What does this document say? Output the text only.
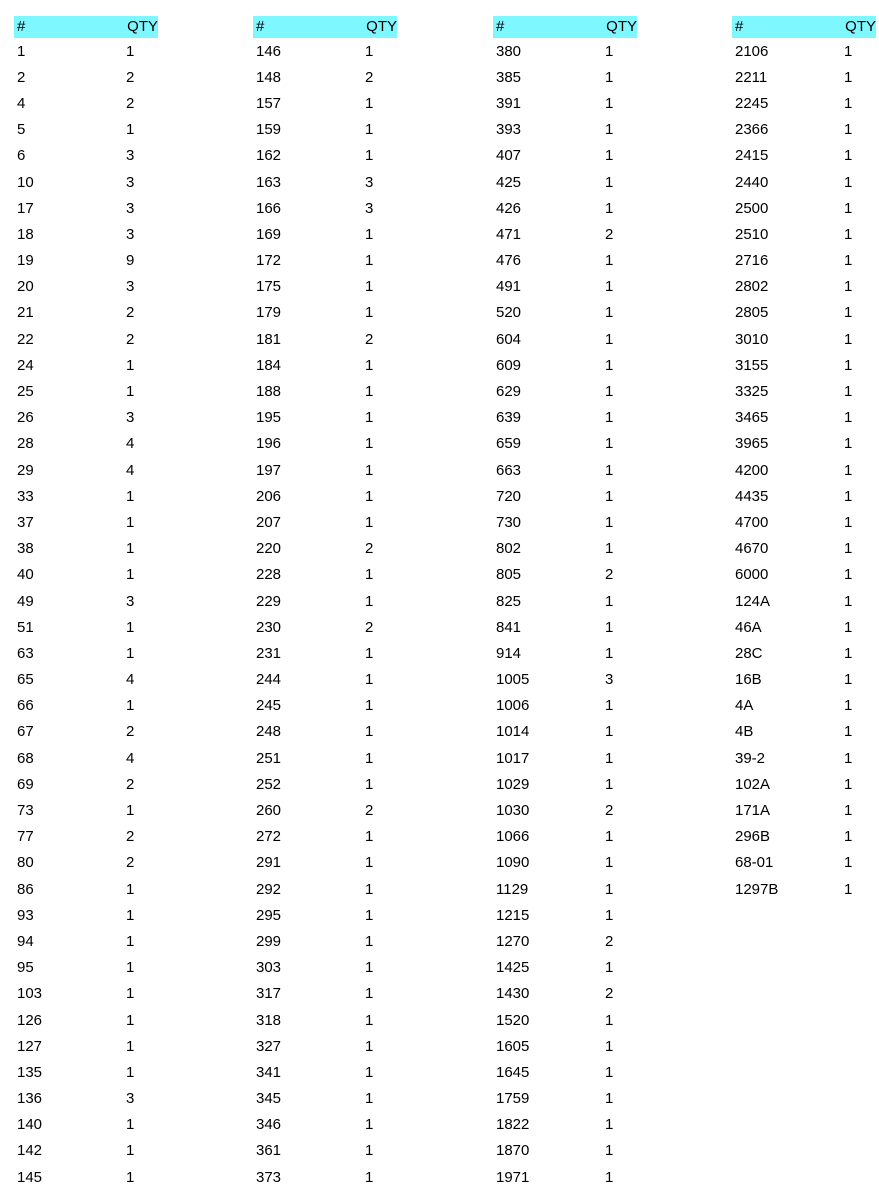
#	QTY
1	1
2	2
4	2
5	1
6	3
10	3
17	3
18	3
19	9
20	3
21	2
22	2
24	1
25	1
26	3
28	4
29	4
33	1
37	1
38	1
40	1
49	3
51	1
63	1
65	4
66	1
67	2
68	4
69	2
73	1
77	2
80	2
86	1
93	1
94	1
95	1
103	1
126	1
127	1
135	1
136	3
140	1
142	1
145	1
#	QTY
146	1
148	2
157	1
159	1
162	1
163	3
166	3
169	1
172	1
175	1
179	1
181	2
184	1
188	1
195	1
196	1
197	1
206	1
207	1
220	2
228	1
229	1
230	2
231	1
244	1
245	1
248	1
251	1
252	1
260	2
272	1
291	1
292	1
295	1
299	1
303	1
317	1
318	1
327	1
341	1
345	1
346	1
361	1
373	1
#	QTY
380	1
385	1
391	1
393	1
407	1
425	1
426	1
471	2
476	1
491	1
520	1
604	1
609	1
629	1
639	1
659	1
663	1
720	1
730	1
802	1
805	2
825	1
841	1
914	1
1005	3
1006	1
1014	1
1017	1
1029	1
1030	2
1066	1
1090	1
1129	1
1215	1
1270	2
1425	1
1430	2
1520	1
1605	1
1645	1
1759	1
1822	1
1870	1
1971	1
#	QTY
2106	1
2211	1
2245	1
2366	1
2415	1
2440	1
2500	1
2510	1
2716	1
2802	1
2805	1
3010	1
3155	1
3325	1
3465	1
3965	1
4200	1
4435	1
4700	1
4670	1
6000	1
124A	1
46A	1
28C	1
16B	1
4A	1
4B	1
39-2	1
102A	1
171A	1
296B	1
68-01	1
1297B	1
